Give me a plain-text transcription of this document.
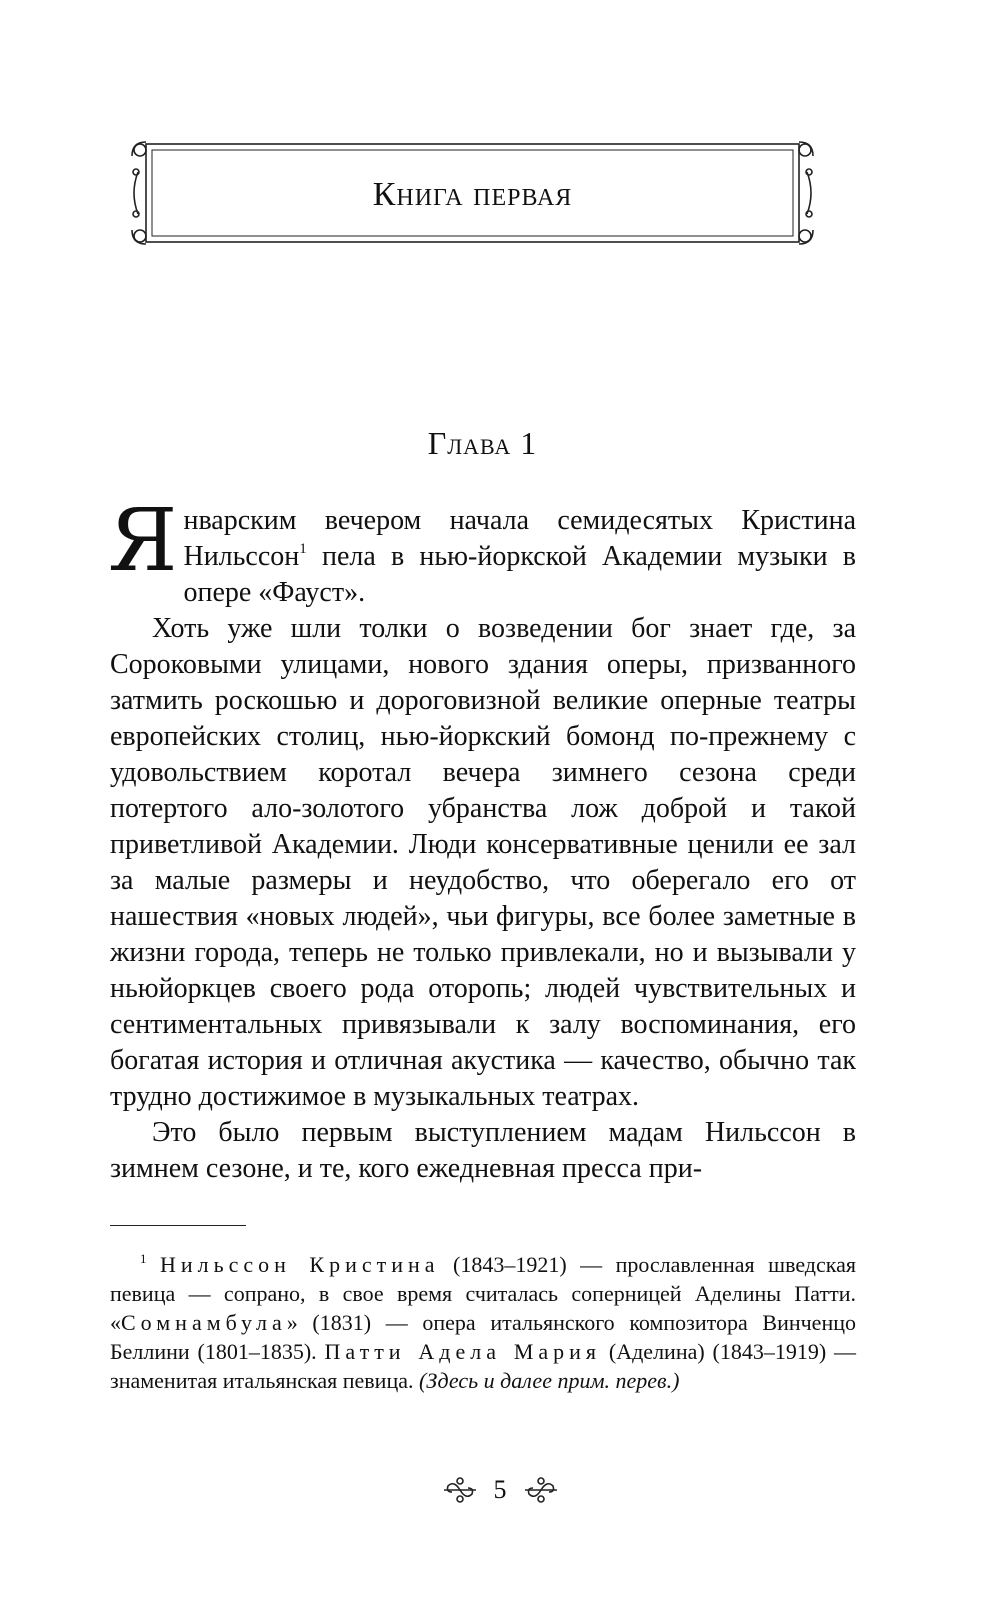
Книга первая
Глава 1

Январским вечером начала семидесятых Кристина Нильссон$^1$ пела в нью-йоркской Академии музыки в опере «Фауст».

Хоть уже шли толки о возведении бог знает где, за Сороковыми улицами, нового здания оперы, призванного затмить роскошью и дороговизной великие оперные театры европейских столиц, нью-йоркский бомонд по-прежнему с удовольствием коротал вечера зимнего сезона среди потертого ало-золотого убранства лож доброй и такой приветливой Академии. Люди консервативные ценили ее зал за малые размеры и неудобство, что оберегало его от нашествия «новых людей», чьи фигуры, все более заметные в жизни города, теперь не только привлекали, но и вызывали у ньюйоркцев своего рода оторопь; людей чувствительных и сентиментальных привязывали к залу воспоминания, его богатая история и отличная акустика — качество, обычно так трудно достижимое в музыкальных театрах.

Это было первым выступлением мадам Нильссон в зимнем сезоне, и те, кого ежедневная пресса при-

$^1$ Нильссон Кристина (1843–1921) — прославленная шведская певица — сопрано, в свое время считалась соперницей Аделины Патти. «Сомнамбула» (1831) — опера итальянского композитора Винченцо Беллини (1801–1835). Патти Адела Мария (Аделина) (1843–1919) — знаменитая итальянская певица. (Здесь и далее прим. перев.)

5
